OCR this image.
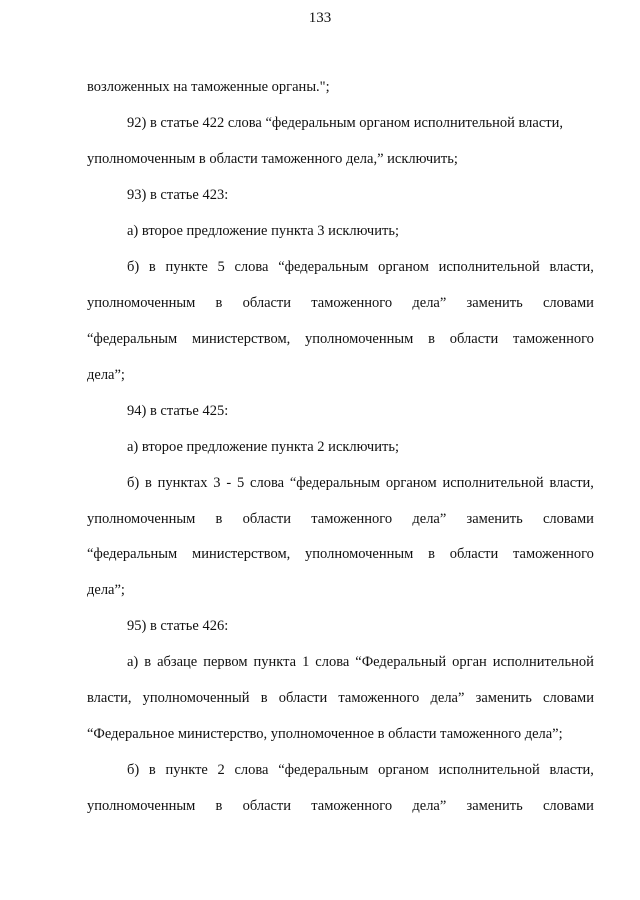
133
возложенных на таможенные органы.";
92) в статье 422 слова “федеральным органом исполнительной власти,
уполномоченным в области таможенного дела,” исключить;
93) в статье 423:
а) второе предложение пункта 3 исключить;
б) в пункте 5 слова “федеральным органом исполнительной власти,
уполномоченным в области таможенного дела” заменить словами
“федеральным министерством, уполномоченным в области таможенного
дела”;
94) в статье 425:
а) второе предложение пункта 2 исключить;
б) в пунктах 3 - 5 слова “федеральным органом исполнительной власти,
уполномоченным в области таможенного дела” заменить словами
“федеральным министерством, уполномоченным в области таможенного
дела”;
95) в статье 426:
а) в абзаце первом пункта 1 слова “Федеральный орган исполнительной
власти, уполномоченный в области таможенного дела” заменить словами
“Федеральное министерство, уполномоченное в области таможенного дела”;
б) в пункте 2 слова “федеральным органом исполнительной власти,
уполномоченным в области таможенного дела” заменить словами
